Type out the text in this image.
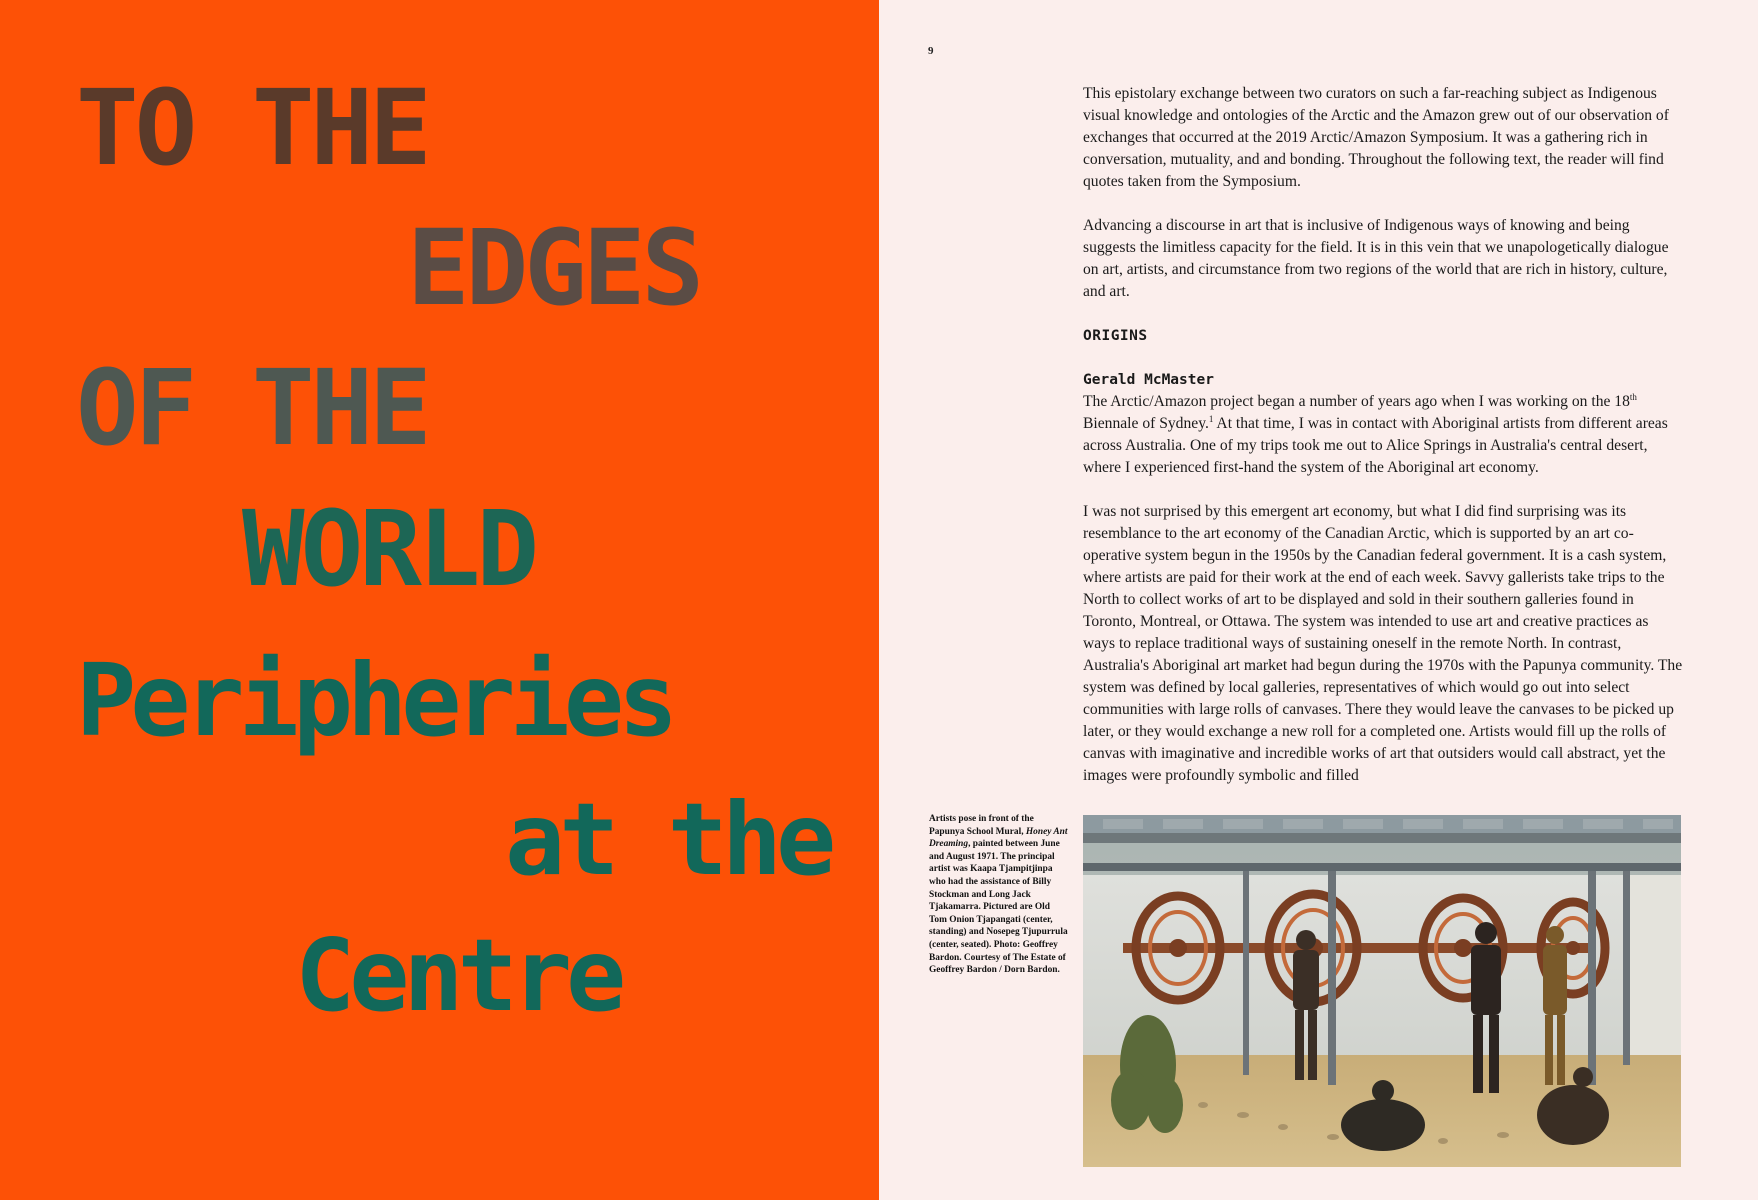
TO THE
EDGES
OF THE
WORLD
Peripheries
at the
Centre
9

This epistolary exchange between two curators on such a far-reaching subject as Indigenous visual knowledge and ontologies of the Arctic and the Amazon grew out of our observation of exchanges that occurred at the 2019 Arctic/Amazon Symposium. It was a gathering rich in conversation, mutuality, and and bonding. Throughout the following text, the reader will find quotes taken from the Symposium.

Advancing a discourse in art that is inclusive of Indigenous ways of knowing and being suggests the limitless capacity for the field. It is in this vein that we unapologetically dialogue on art, artists, and circumstance from two regions of the world that are rich in history, culture, and art.

ORIGINS
Gerald McMaster

The Arctic/Amazon project began a number of years ago when I was working on the 18th Biennale of Sydney.$^1$ At that time, I was in contact with Aboriginal artists from different areas across Australia. One of my trips took me out to Alice Springs in Australia's central desert, where I experienced first-hand the system of the Aboriginal art economy.

I was not surprised by this emergent art economy, but what I did find surprising was its resemblance to the art economy of the Canadian Arctic, which is supported by an art co-operative system begun in the 1950s by the Canadian federal government. It is a cash system, where artists are paid for their work at the end of each week. Savvy gallerists take trips to the North to collect works of art to be displayed and sold in their southern galleries found in Toronto, Montreal, or Ottawa. The system was intended to use art and creative practices as ways to replace traditional ways of sustaining oneself in the remote North. In contrast, Australia's Aboriginal art market had begun during the 1970s with the Papunya community. The system was defined by local galleries, representatives of which would go out into select communities with large rolls of canvases. There they would leave the canvases to be picked up later, or they would exchange a new roll for a completed one. Artists would fill up the rolls of canvas with imaginative and incredible works of art that outsiders would call abstract, yet the images were profoundly symbolic and filled

Artists pose in front of the Papunya School Mural, Honey Ant Dreaming, painted between June and August 1971. The principal artist was Kaapa Tjampitjinpa who had the assistance of Billy Stockman and Long Jack Tjakamarra. Pictured are Old Tom Onion Tjapangati (center, standing) and Nosepeg Tjupurrula (center, seated). Photo: Geoffrey Bardon. Courtesy of The Estate of Geoffrey Bardon / Dorn Bardon.
